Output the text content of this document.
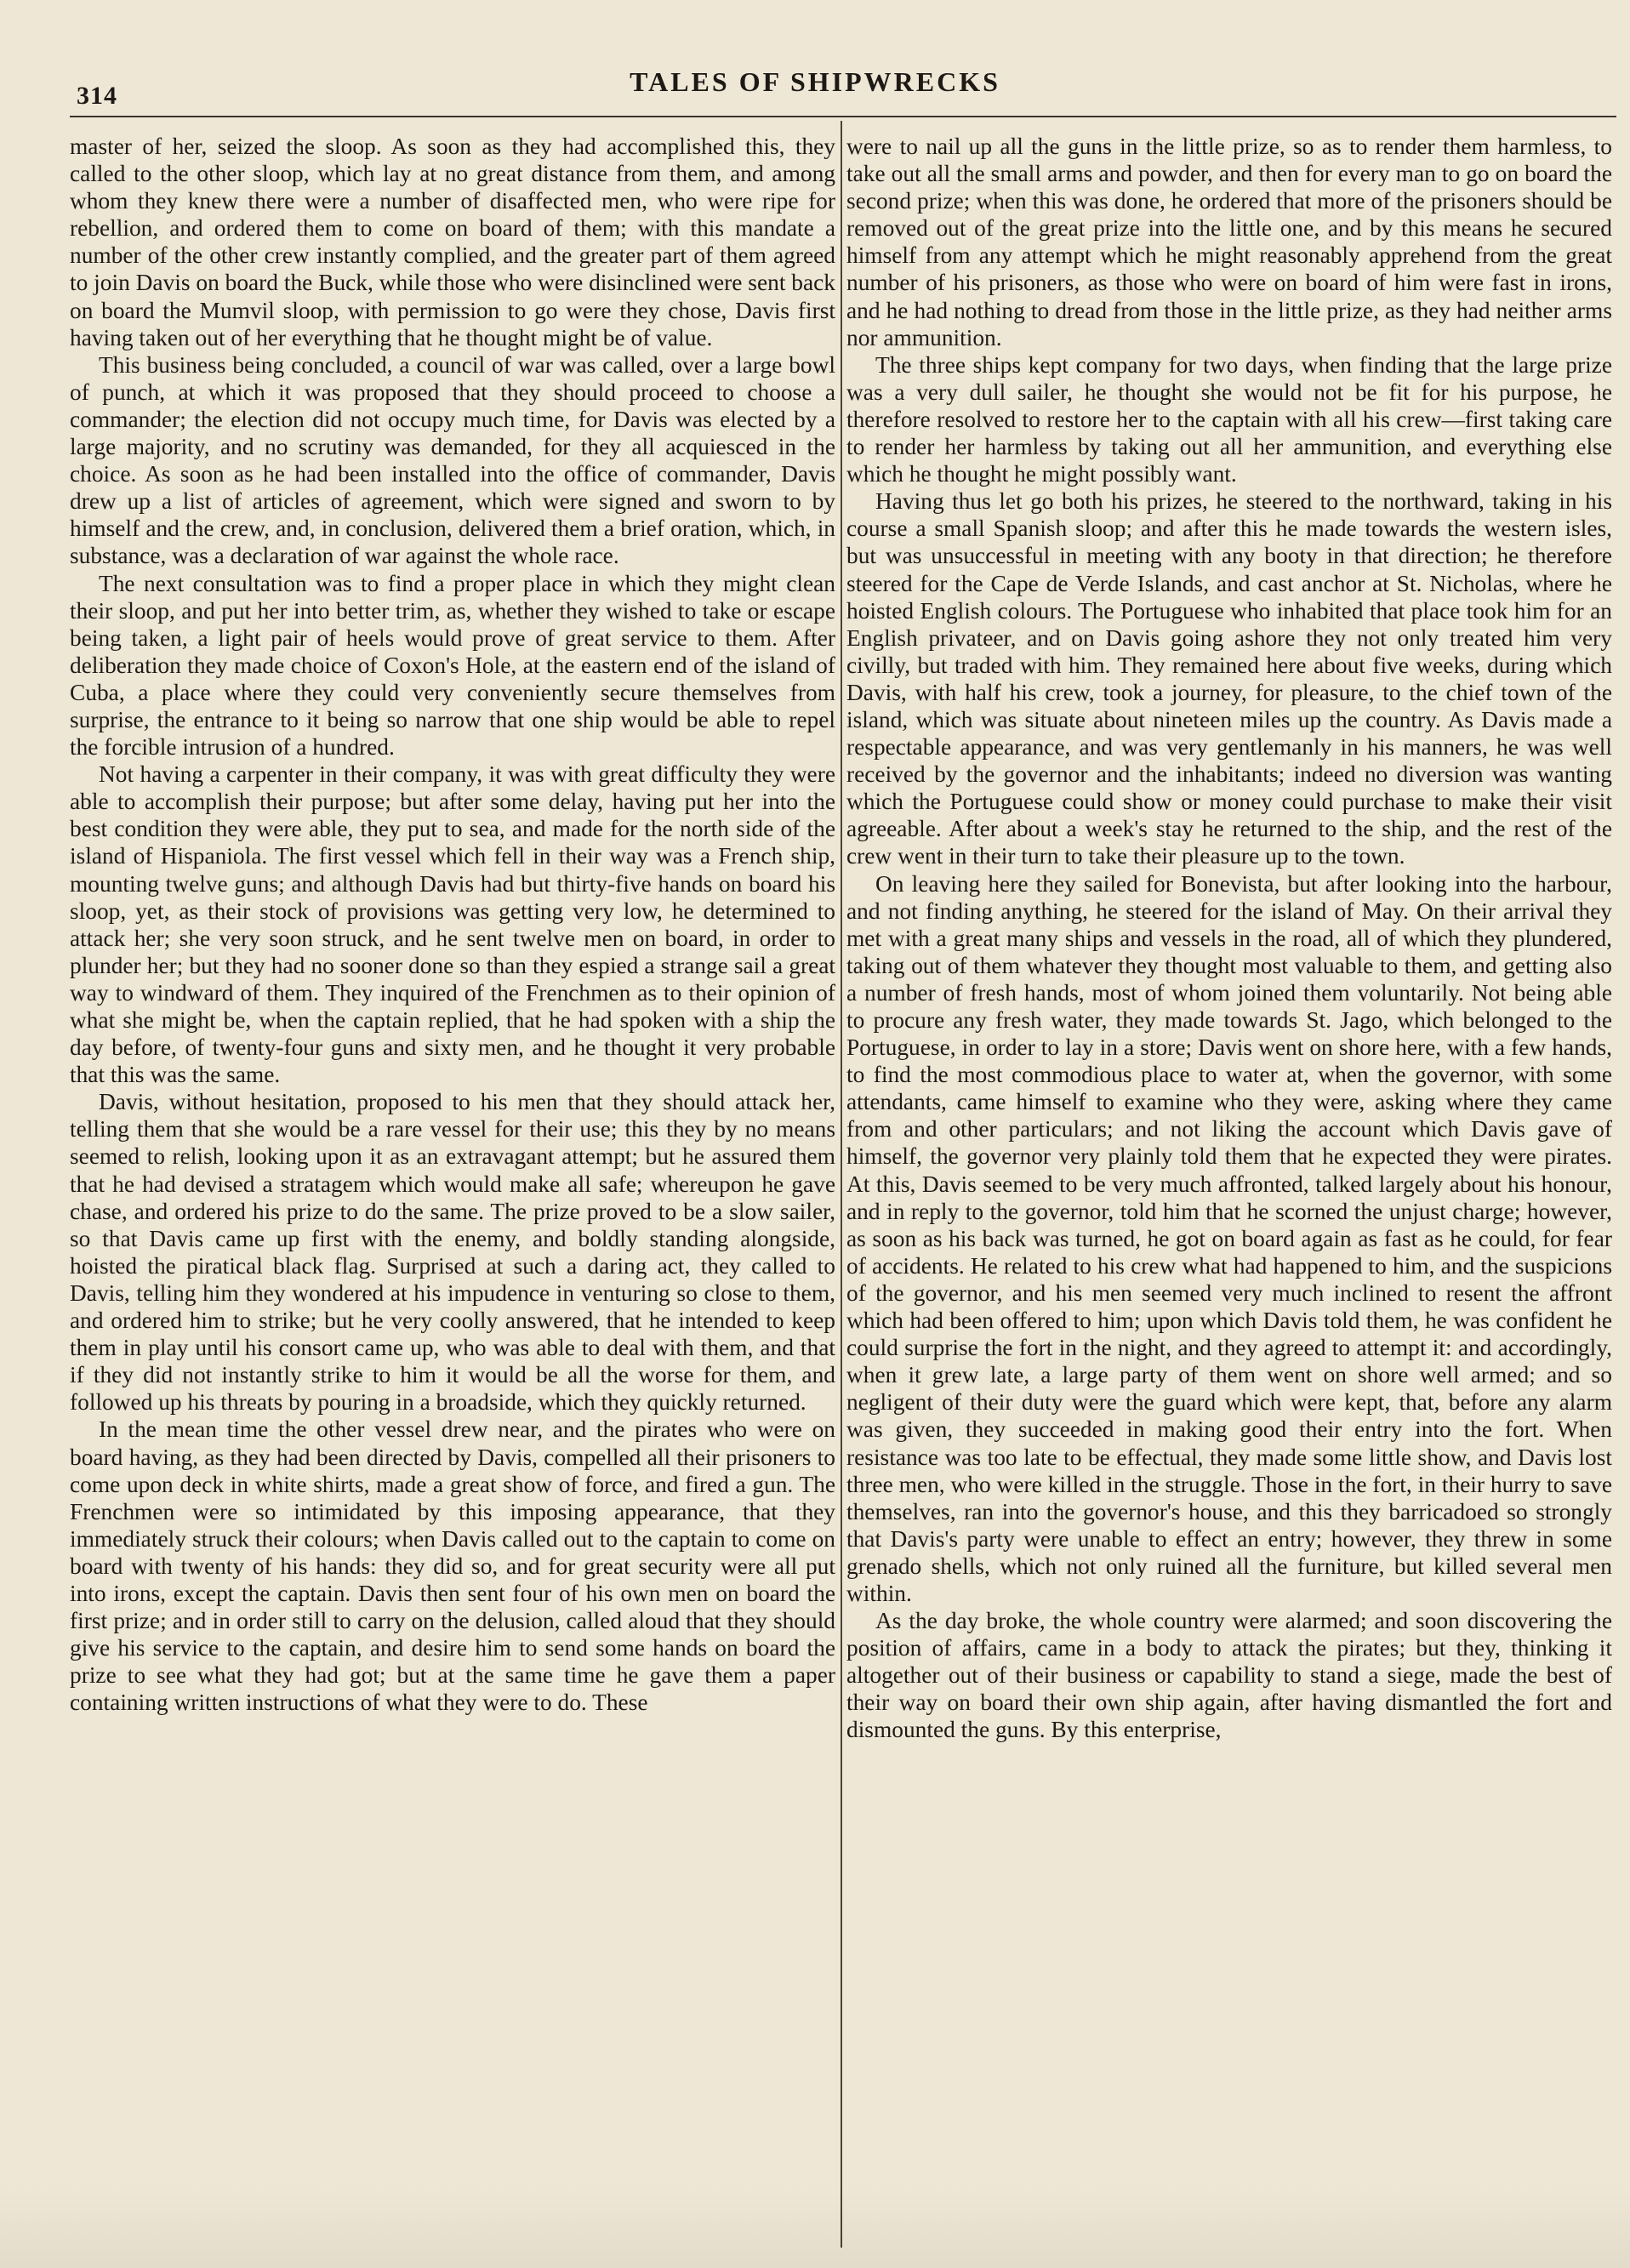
314	TALES OF SHIPWRECKS

master of her, seized the sloop. As soon as they had accomplished this, they called to the other sloop, which lay at no great distance from them, and among whom they knew there were a number of disaffected men, who were ripe for rebellion, and ordered them to come on board of them; with this mandate a number of the other crew instantly complied, and the greater part of them agreed to join Davis on board the Buck, while those who were disinclined were sent back on board the Mumvil sloop, with permission to go were they chose, Davis first having taken out of her everything that he thought might be of value.

This business being concluded, a council of war was called, over a large bowl of punch, at which it was proposed that they should proceed to choose a commander; the election did not occupy much time, for Davis was elected by a large majority, and no scrutiny was demanded, for they all acquiesced in the choice. As soon as he had been installed into the office of commander, Davis drew up a list of articles of agreement, which were signed and sworn to by himself and the crew, and, in conclusion, delivered them a brief oration, which, in substance, was a declaration of war against the whole race.

The next consultation was to find a proper place in which they might clean their sloop, and put her into better trim, as, whether they wished to take or escape being taken, a light pair of heels would prove of great service to them. After deliberation they made choice of Coxon's Hole, at the eastern end of the island of Cuba, a place where they could very conveniently secure themselves from surprise, the entrance to it being so narrow that one ship would be able to repel the forcible intrusion of a hundred.

Not having a carpenter in their company, it was with great difficulty they were able to accomplish their purpose; but after some delay, having put her into the best condition they were able, they put to sea, and made for the north side of the island of Hispaniola. The first vessel which fell in their way was a French ship, mounting twelve guns; and although Davis had but thirty-five hands on board his sloop, yet, as their stock of provisions was getting very low, he determined to attack her; she very soon struck, and he sent twelve men on board, in order to plunder her; but they had no sooner done so than they espied a strange sail a great way to windward of them. They inquired of the Frenchmen as to their opinion of what she might be, when the captain replied, that he had spoken with a ship the day before, of twenty-four guns and sixty men, and he thought it very probable that this was the same.

Davis, without hesitation, proposed to his men that they should attack her, telling them that she would be a rare vessel for their use; this they by no means seemed to relish, looking upon it as an extravagant attempt; but he assured them that he had devised a stratagem which would make all safe; whereupon he gave chase, and ordered his prize to do the same. The prize proved to be a slow sailer, so that Davis came up first with the enemy, and boldly standing alongside, hoisted the piratical black flag. Surprised at such a daring act, they called to Davis, telling him they wondered at his impudence in venturing so close to them, and ordered him to strike; but he very coolly answered, that he intended to keep them in play until his consort came up, who was able to deal with them, and that if they did not instantly strike to him it would be all the worse for them, and followed up his threats by pouring in a broadside, which they quickly returned.

In the mean time the other vessel drew near, and the pirates who were on board having, as they had been directed by Davis, compelled all their prisoners to come upon deck in white shirts, made a great show of force, and fired a gun. The Frenchmen were so intimidated by this imposing appearance, that they immediately struck their colours; when Davis called out to the captain to come on board with twenty of his hands: they did so, and for great security were all put into irons, except the captain. Davis then sent four of his own men on board the first prize; and in order still to carry on the delusion, called aloud that they should give his service to the captain, and desire him to send some hands on board the prize to see what they had got; but at the same time he gave them a paper containing written instructions of what they were to do. These

were to nail up all the guns in the little prize, so as to render them harmless, to take out all the small arms and powder, and then for every man to go on board the second prize; when this was done, he ordered that more of the prisoners should be removed out of the great prize into the little one, and by this means he secured himself from any attempt which he might reasonably apprehend from the great number of his prisoners, as those who were on board of him were fast in irons, and he had nothing to dread from those in the little prize, as they had neither arms nor ammunition.

The three ships kept company for two days, when finding that the large prize was a very dull sailer, he thought she would not be fit for his purpose, he therefore resolved to restore her to the captain with all his crew—first taking care to render her harmless by taking out all her ammunition, and everything else which he thought he might possibly want.

Having thus let go both his prizes, he steered to the northward, taking in his course a small Spanish sloop; and after this he made towards the western isles, but was unsuccessful in meeting with any booty in that direction; he therefore steered for the Cape de Verde Islands, and cast anchor at St. Nicholas, where he hoisted English colours. The Portuguese who inhabited that place took him for an English privateer, and on Davis going ashore they not only treated him very civilly, but traded with him. They remained here about five weeks, during which Davis, with half his crew, took a journey, for pleasure, to the chief town of the island, which was situate about nineteen miles up the country. As Davis made a respectable appearance, and was very gentlemanly in his manners, he was well received by the governor and the inhabitants; indeed no diversion was wanting which the Portuguese could show or money could purchase to make their visit agreeable. After about a week's stay he returned to the ship, and the rest of the crew went in their turn to take their pleasure up to the town.

On leaving here they sailed for Bonevista, but after looking into the harbour, and not finding anything, he steered for the island of May. On their arrival they met with a great many ships and vessels in the road, all of which they plundered, taking out of them whatever they thought most valuable to them, and getting also a number of fresh hands, most of whom joined them voluntarily. Not being able to procure any fresh water, they made towards St. Jago, which belonged to the Portuguese, in order to lay in a store; Davis went on shore here, with a few hands, to find the most commodious place to water at, when the governor, with some attendants, came himself to examine who they were, asking where they came from and other particulars; and not liking the account which Davis gave of himself, the governor very plainly told them that he expected they were pirates. At this, Davis seemed to be very much affronted, talked largely about his honour, and in reply to the governor, told him that he scorned the unjust charge; however, as soon as his back was turned, he got on board again as fast as he could, for fear of accidents. He related to his crew what had happened to him, and the suspicions of the governor, and his men seemed very much inclined to resent the affront which had been offered to him; upon which Davis told them, he was confident he could surprise the fort in the night, and they agreed to attempt it: and accordingly, when it grew late, a large party of them went on shore well armed; and so negligent of their duty were the guard which were kept, that, before any alarm was given, they succeeded in making good their entry into the fort. When resistance was too late to be effectual, they made some little show, and Davis lost three men, who were killed in the struggle. Those in the fort, in their hurry to save themselves, ran into the governor's house, and this they barricadoed so strongly that Davis's party were unable to effect an entry; however, they threw in some grenado shells, which not only ruined all the furniture, but killed several men within.

As the day broke, the whole country were alarmed; and soon discovering the position of affairs, came in a body to attack the pirates; but they, thinking it altogether out of their business or capability to stand a siege, made the best of their way on board their own ship again, after having dismantled the fort and dismounted the guns. By this enterprise,
